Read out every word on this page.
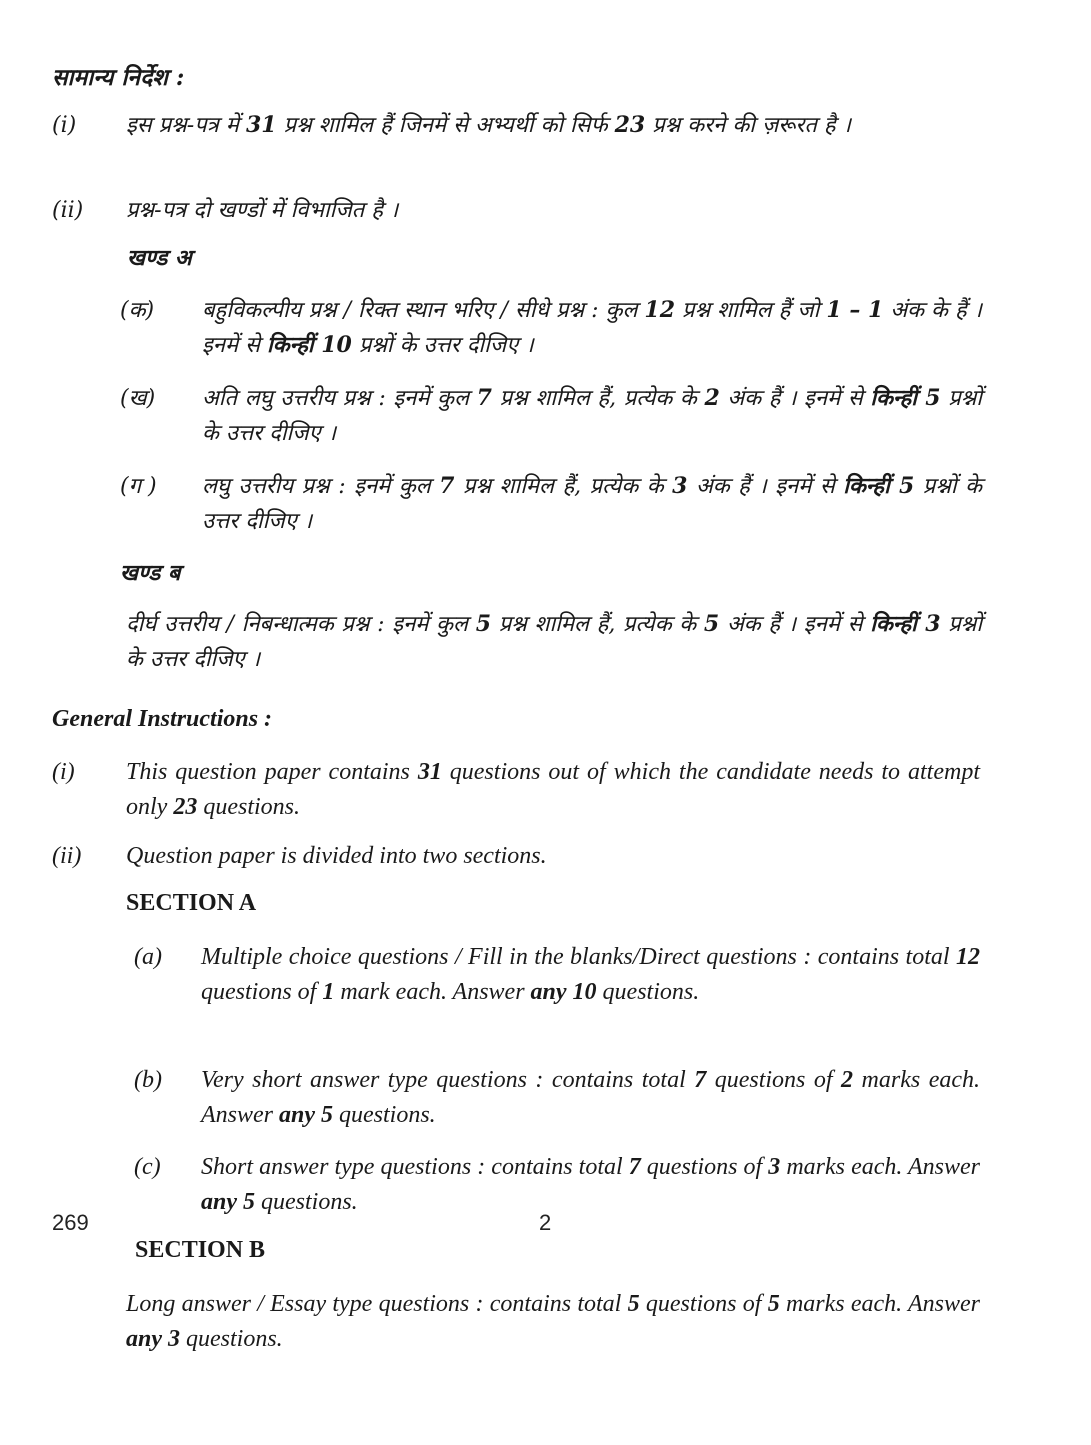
सामान्य निर्देश :
(i)	इस प्रश्न-पत्र में 31 प्रश्न शामिल हैं जिनमें से अभ्यर्थी को सिर्फ 23 प्रश्न करने की ज़रूरत है ।
(ii)	प्रश्न-पत्र दो खण्डों में विभाजित है ।
खण्ड अ
(क)	बहुविकल्पीय प्रश्न / रिक्त स्थान भरिए / सीधे प्रश्न : कुल 12 प्रश्न शामिल हैं जो 1 – 1 अंक के हैं । इनमें से किन्हीं 10 प्रश्नों के उत्तर दीजिए ।
(ख)	अति लघु उत्तरीय प्रश्न : इनमें कुल 7 प्रश्न शामिल हैं, प्रत्येक के 2 अंक हैं । इनमें से किन्हीं 5 प्रश्नों के उत्तर दीजिए ।
(ग )	लघु उत्तरीय प्रश्न : इनमें कुल 7 प्रश्न शामिल हैं, प्रत्येक के 3 अंक हैं । इनमें से किन्हीं 5 प्रश्नों के उत्तर दीजिए ।
खण्ड ब
दीर्घ उत्तरीय / निबन्धात्मक प्रश्न : इनमें कुल 5 प्रश्न शामिल हैं, प्रत्येक के 5 अंक हैं । इनमें से किन्हीं 3 प्रश्नों के उत्तर दीजिए ।
General Instructions :
(i)	This question paper contains 31 questions out of which the candidate needs to attempt only 23 questions.
(ii)	Question paper is divided into two sections.
SECTION A
(a)	Multiple choice questions / Fill in the blanks/Direct questions : contains total 12 questions of 1 mark each. Answer any 10 questions.
(b)	Very short answer type questions : contains total 7 questions of 2 marks each. Answer any 5 questions.
(c)	Short answer type questions : contains total 7 questions of 3 marks each. Answer any 5 questions.
SECTION B
Long answer / Essay type questions : contains total 5 questions of 5 marks each. Answer any 3 questions.
269	2
